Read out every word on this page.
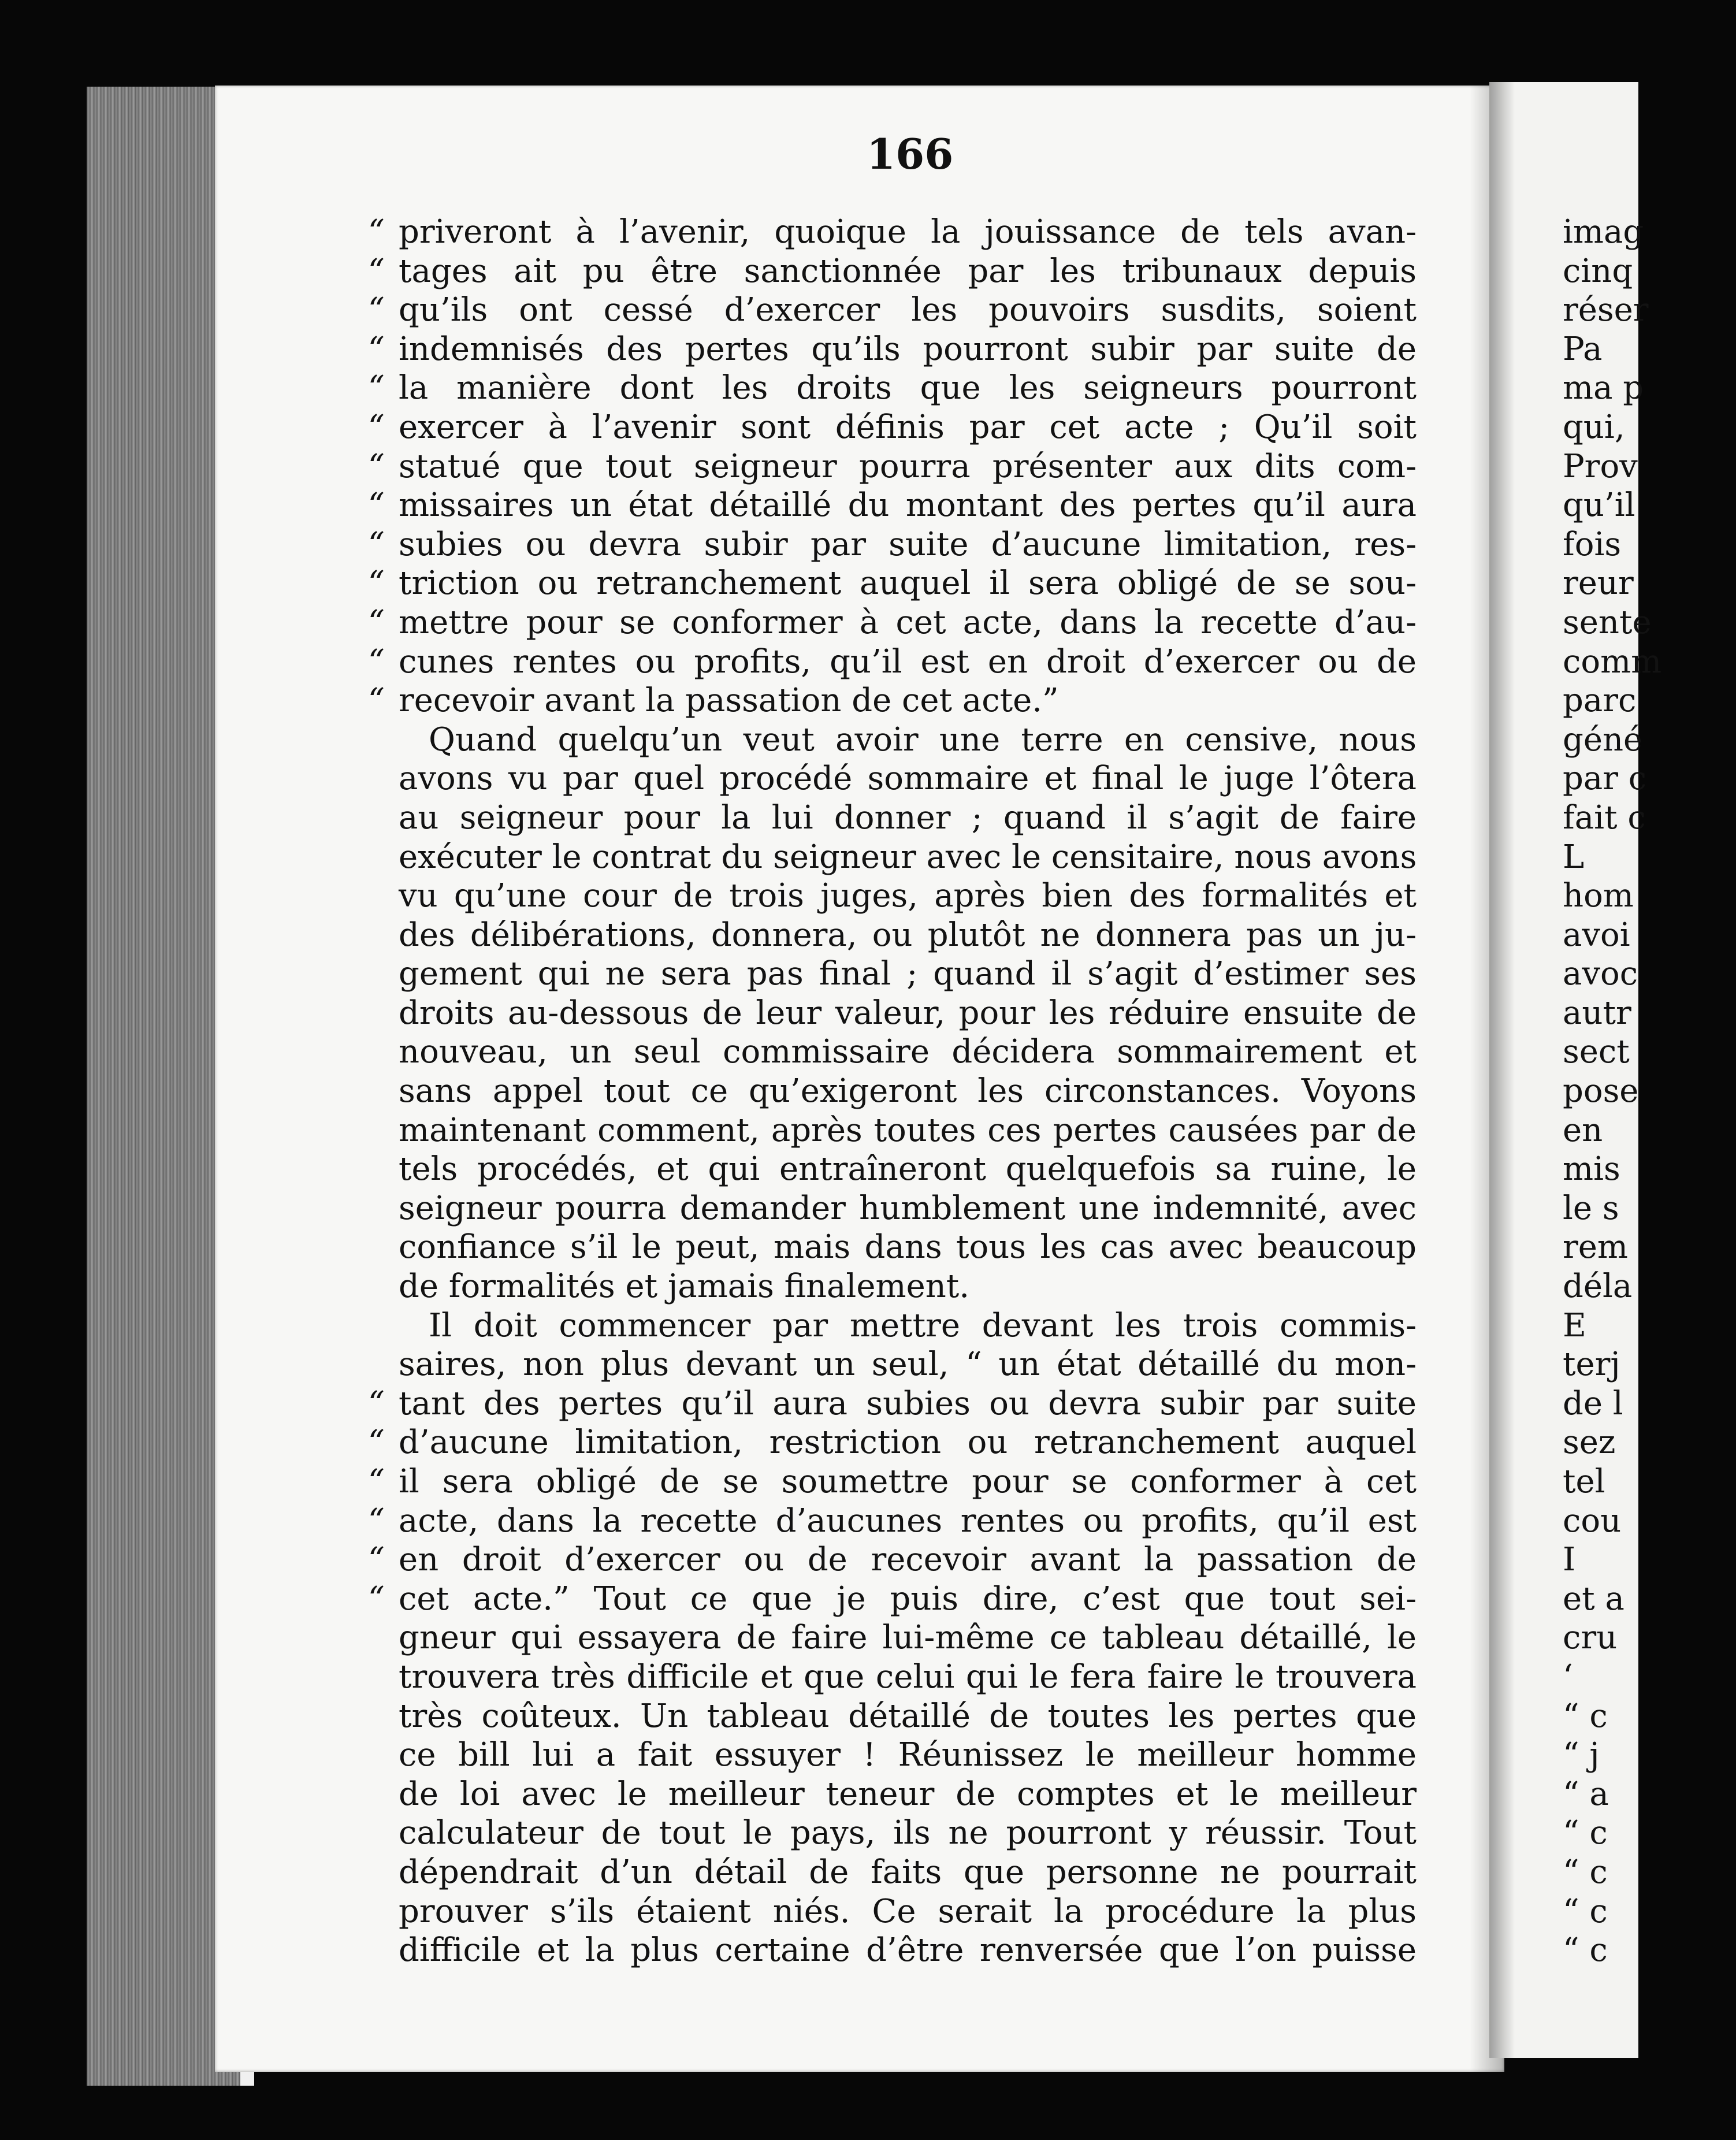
166
“ priveront à l’avenir, quoique la jouissance de tels avan-
“ tages ait pu être sanctionnée par les tribunaux depuis
“ qu’ils ont cessé d’exercer les pouvoirs susdits, soient
“ indemnisés des pertes qu’ils pourront subir par suite de
“ la manière dont les droits que les seigneurs pourront
“ exercer à l’avenir sont définis par cet acte ; Qu’il soit
“ statué que tout seigneur pourra présenter aux dits com-
“ missaires un état détaillé du montant des pertes qu’il aura
“ subies ou devra subir par suite d’aucune limitation, res-
“ triction ou retranchement auquel il sera obligé de se sou-
“ mettre pour se conformer à cet acte, dans la recette d’au-
“ cunes rentes ou profits, qu’il est en droit d’exercer ou de
“ recevoir avant la passation de cet acte.”
Quand quelqu’un veut avoir une terre en censive, nous
avons vu par quel procédé sommaire et final le juge l’ôtera
au seigneur pour la lui donner ; quand il s’agit de faire
exécuter le contrat du seigneur avec le censitaire, nous avons
vu qu’une cour de trois juges, après bien des formalités et
des délibérations, donnera, ou plutôt ne donnera pas un ju-
gement qui ne sera pas final ; quand il s’agit d’estimer ses
droits au-dessous de leur valeur, pour les réduire ensuite de
nouveau, un seul commissaire décidera sommairement et
sans appel tout ce qu’exigeront les circonstances. Voyons
maintenant comment, après toutes ces pertes causées par de
tels procédés, et qui entraîneront quelquefois sa ruine, le
seigneur pourra demander humblement une indemnité, avec
confiance s’il le peut, mais dans tous les cas avec beaucoup
de formalités et jamais finalement.
Il doit commencer par mettre devant les trois commis-
saires, non plus devant un seul, “ un état détaillé du mon-
“ tant des pertes qu’il aura subies ou devra subir par suite
“ d’aucune limitation, restriction ou retranchement auquel
“ il sera obligé de se soumettre pour se conformer à cet
“ acte, dans la recette d’aucunes rentes ou profits, qu’il est
“ en droit d’exercer ou de recevoir avant la passation de
“ cet acte.” Tout ce que je puis dire, c’est que tout sei-
gneur qui essayera de faire lui-même ce tableau détaillé, le
trouvera très difficile et que celui qui le fera faire le trouvera
très coûteux. Un tableau détaillé de toutes les pertes que
ce bill lui a fait essuyer ! Réunissez le meilleur homme
de loi avec le meilleur teneur de comptes et le meilleur
calculateur de tout le pays, ils ne pourront y réussir. Tout
dépendrait d’un détail de faits que personne ne pourrait
prouver s’ils étaient niés. Ce serait la procédure la plus
difficile et la plus certaine d’être renversée que l’on puisse
imag
cinq
réser
Pa
ma p
qui,
Prov
qu’il
fois
reur
sente
comm
parc
géné
par c
fait c
L
hom
avoi
avoc
autr
sect
pose
en
mis
le s
rem
déla
E
terj
de l
sez
tel
cou
I
et a
cru
‘
“ c
“ j
“ a
“ c
“ c
“ c
“ c
